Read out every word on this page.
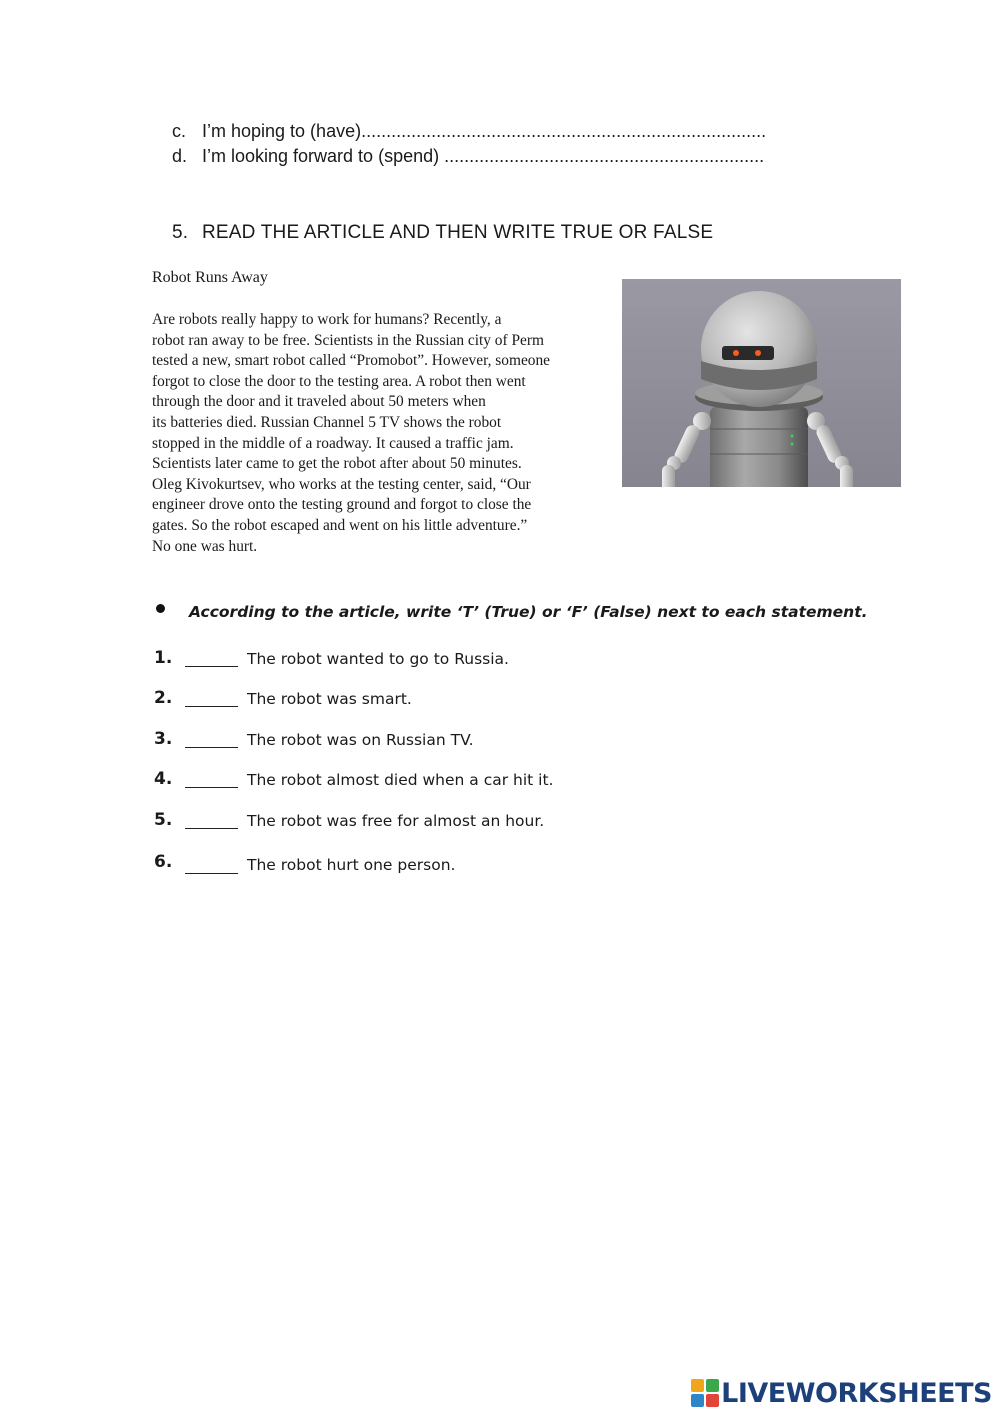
c. I’m hoping to (have).................................................................................
d. I’m looking forward to (spend) ................................................................
5. READ THE ARTICLE AND THEN WRITE TRUE OR FALSE
Robot Runs Away
Are robots really happy to work for humans? Recently, a
robot ran away to be free. Scientists in the Russian city of Perm
tested a new, smart robot called “Promobot”. However, someone
forgot to close the door to the testing area. A robot then went
through the door and it traveled about 50 meters when
its batteries died. Russian Channel 5 TV shows the robot
stopped in the middle of a roadway. It caused a traffic jam.
Scientists later came to get the robot after about 50 minutes.
Oleg Kivokurtsev, who works at the testing center, said, “Our
engineer drove onto the testing ground and forgot to close the
gates. So the robot escaped and went on his little adventure.”
No one was hurt.
According to the article, write ‘T’ (True) or ‘F’ (False) next to each statement.
1.	The robot wanted to go to Russia.
2.	The robot was smart.
3.	The robot was on Russian TV.
4.	The robot almost died when a car hit it.
5.	The robot was free for almost an hour.
6.	The robot hurt one person.
LIVEWORKSHEETS
